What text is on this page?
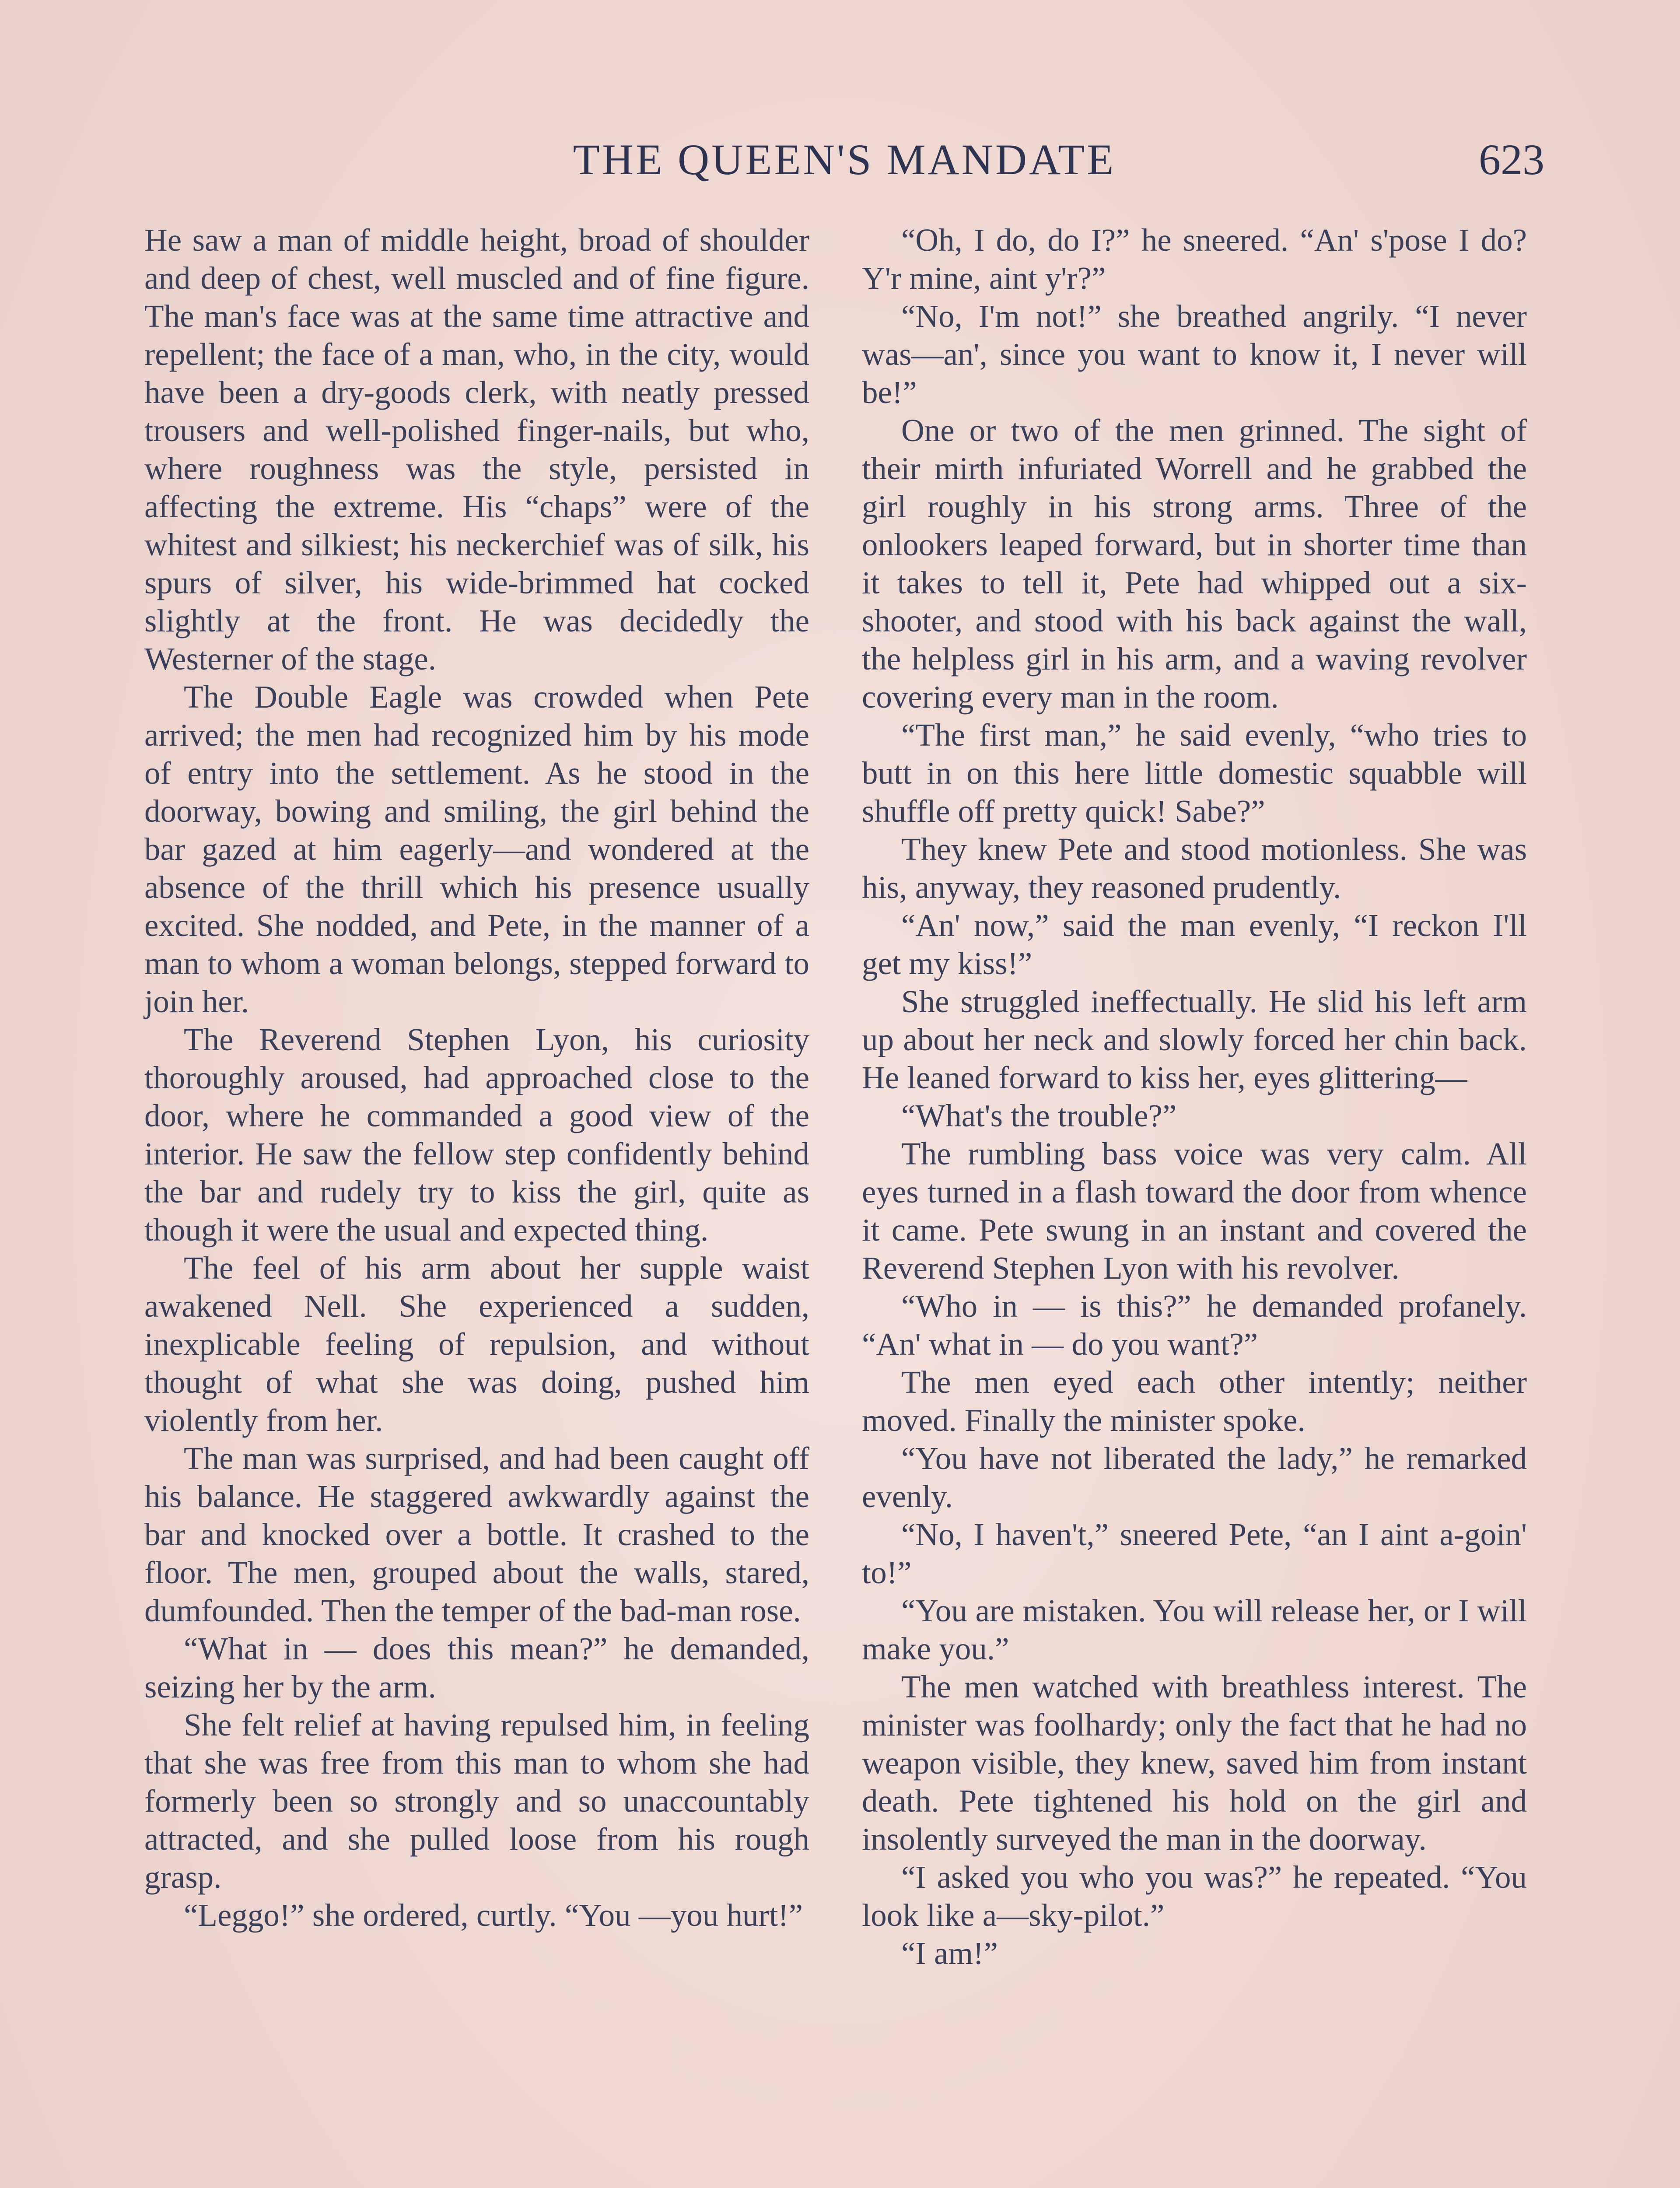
THE QUEEN'S MANDATE	623

He saw a man of middle height, broad of shoulder and deep of chest, well muscled and of fine figure. The man's face was at the same time attractive and repellent; the face of a man, who, in the city, would have been a dry-goods clerk, with neatly pressed trousers and well-polished finger-nails, but who, where roughness was the style, persisted in affecting the extreme. His “chaps” were of the whitest and silkiest; his neckerchief was of silk, his spurs of silver, his wide-brimmed hat cocked slightly at the front. He was decidedly the Westerner of the stage.

The Double Eagle was crowded when Pete arrived; the men had recognized him by his mode of entry into the settlement. As he stood in the doorway, bowing and smiling, the girl behind the bar gazed at him eagerly—and wondered at the absence of the thrill which his presence usually excited. She nodded, and Pete, in the manner of a man to whom a woman belongs, stepped forward to join her.

The Reverend Stephen Lyon, his curiosity thoroughly aroused, had approached close to the door, where he commanded a good view of the interior. He saw the fellow step confidently behind the bar and rudely try to kiss the girl, quite as though it were the usual and expected thing.

The feel of his arm about her supple waist awakened Nell. She experienced a sudden, inexplicable feeling of repulsion, and without thought of what she was doing, pushed him violently from her.

The man was surprised, and had been caught off his balance. He staggered awkwardly against the bar and knocked over a bottle. It crashed to the floor. The men, grouped about the walls, stared, dumfounded. Then the temper of the bad-man rose.

“What in — does this mean?” he demanded, seizing her by the arm.

She felt relief at having repulsed him, in feeling that she was free from this man to whom she had formerly been so strongly and so unaccountably attracted, and she pulled loose from his rough grasp.

“Leggo!” she ordered, curtly. “You —you hurt!”

“Oh, I do, do I?” he sneered. “An' s'pose I do? Y'r mine, aint y'r?”

“No, I'm not!” she breathed angrily. “I never was—an', since you want to know it, I never will be!”

One or two of the men grinned. The sight of their mirth infuriated Worrell and he grabbed the girl roughly in his strong arms. Three of the onlookers leaped forward, but in shorter time than it takes to tell it, Pete had whipped out a six-shooter, and stood with his back against the wall, the helpless girl in his arm, and a waving revolver covering every man in the room.

“The first man,” he said evenly, “who tries to butt in on this here little domestic squabble will shuffle off pretty quick! Sabe?”

They knew Pete and stood motionless. She was his, anyway, they reasoned prudently.

“An' now,” said the man evenly, “I reckon I'll get my kiss!”

She struggled ineffectually. He slid his left arm up about her neck and slowly forced her chin back. He leaned forward to kiss her, eyes glittering—

“What's the trouble?”

The rumbling bass voice was very calm. All eyes turned in a flash toward the door from whence it came. Pete swung in an instant and covered the Reverend Stephen Lyon with his revolver.

“Who in — is this?” he demanded profanely. “An' what in — do you want?”

The men eyed each other intently; neither moved. Finally the minister spoke.

“You have not liberated the lady,” he remarked evenly.

“No, I haven't,” sneered Pete, “an I aint a-goin' to!”

“You are mistaken. You will release her, or I will make you.”

The men watched with breathless interest. The minister was foolhardy; only the fact that he had no weapon visible, they knew, saved him from instant death. Pete tightened his hold on the girl and insolently surveyed the man in the doorway.

“I asked you who you was?” he repeated. “You look like a—sky-pilot.”

“I am!”
